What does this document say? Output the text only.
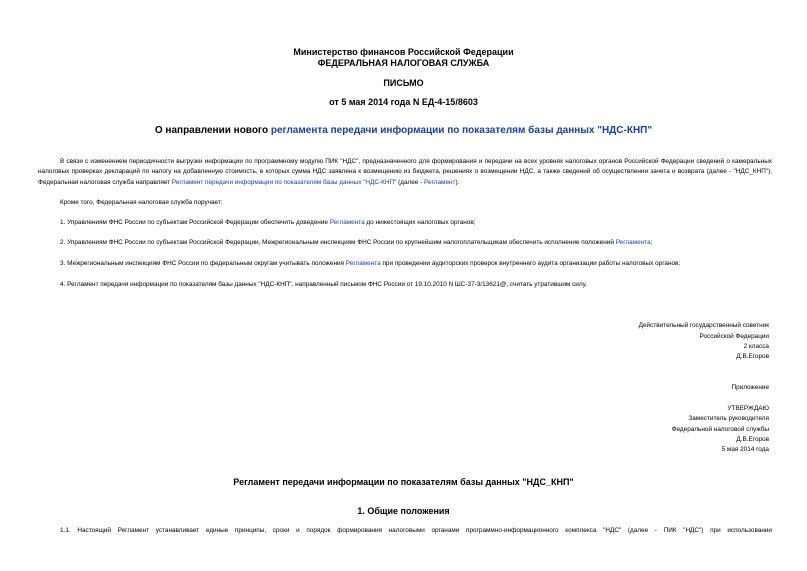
Министерство финансов Российской Федерации
ФЕДЕРАЛЬНАЯ НАЛОГОВАЯ СЛУЖБА
ПИСЬМО
от 5 мая 2014 года N ЕД-4-15/8603
О направлении нового регламента передачи информации по показателям базы данных "НДС-КНП"
В связи с изменением периодичности выгрузки информации по программному модулю ПИК "НДС", предназначенного для формирования и передачи на всех уровнях налоговых органов Российской Федерации сведений о камеральных налоговых проверках деклараций по налогу на добавленную стоимость, в которых сумма НДС заявлена к возмещению из бюджета, решениях о возмещении НДС, а также сведений об осуществлении зачета и возврата (далее - "НДС_КНП"), Федеральная налоговая служба направляет Регламент передачи информации по показателям базы данных "НДС-КНП" (далее - Регламент).
Кроме того, Федеральная налоговая служба поручает:
1. Управлениям ФНС России по субъектам Российской Федерации обеспечить доведение Регламента до нижестоящих налоговых органов;
2. Управлениям ФНС России по субъектам Российской Федерации, Межрегиональным инспекциям ФНС России по крупнейшим налогоплательщикам обеспечить исполнение положений Регламента;
3. Межрегиональным инспекциям ФНС России по федеральным округам учитывать положения Регламента при проведении аудиторских проверок внутреннего аудита организации работы налоговых органов;
4. Регламент передачи информации по показателям базы данных "НДС-КНП", направленный письмом ФНС России от 19.10.2010 N ШС-37-3/13621@, считать утратившим силу.
Действительный государственный советник
Российской Федерации
2 класса
Д.В.Егоров
Приложение
УТВЕРЖДАЮ
Заместитель руководителя
Федеральной налоговой службы
Д.В.Егоров
5 мая 2014 года
Регламент передачи информации по показателям базы данных "НДС_КНП"
1. Общие положения
1.1. Настоящий Регламент устанавливает единые принципы, сроки и порядок формирования налоговыми органами программно-информационного комплекса "НДС" (далее - ПИК "НДС") при использовании
